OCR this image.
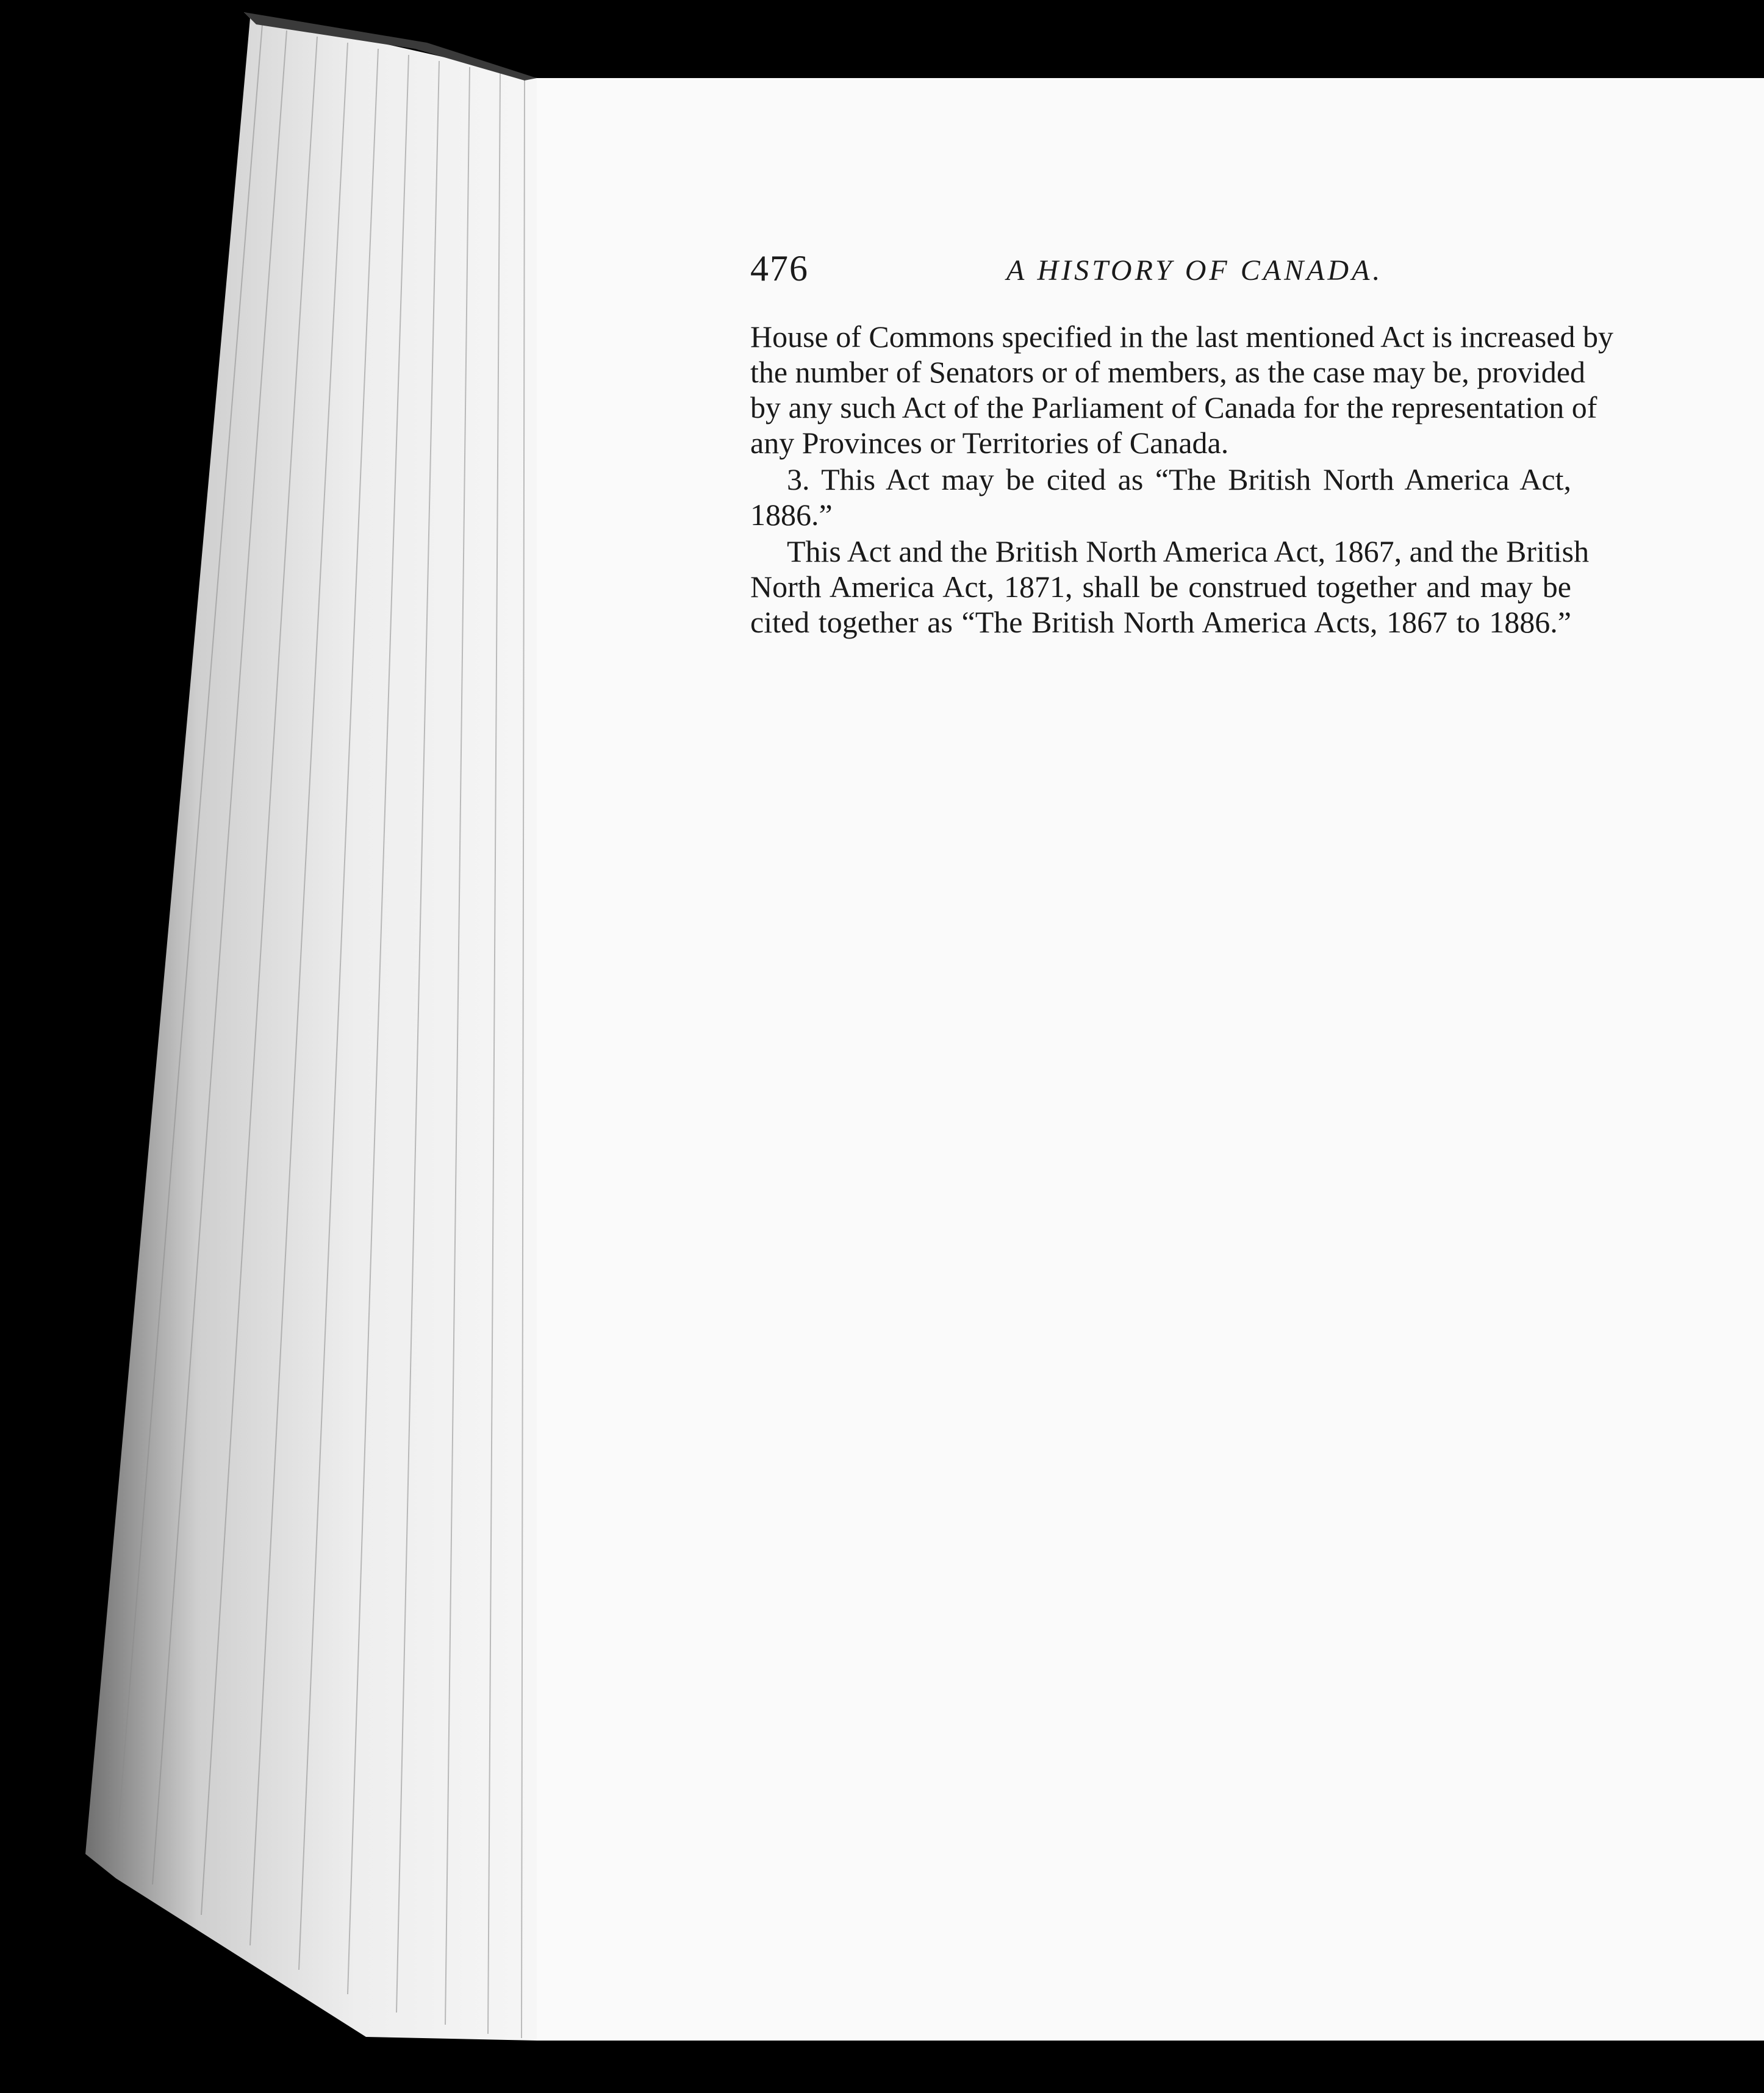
476	A HISTORY OF CANADA.
House of Commons specified in the last mentioned Act is increased by
the number of Senators or of members, as the case may be, provided
by any such Act of the Parliament of Canada for the representation of
any Provinces or Territories of Canada.
3. This Act may be cited as “The British North America Act,
1886.”
This Act and the British North America Act, 1867, and the British
North America Act, 1871, shall be construed together and may be
cited together as “The British North America Acts, 1867 to 1886.”
